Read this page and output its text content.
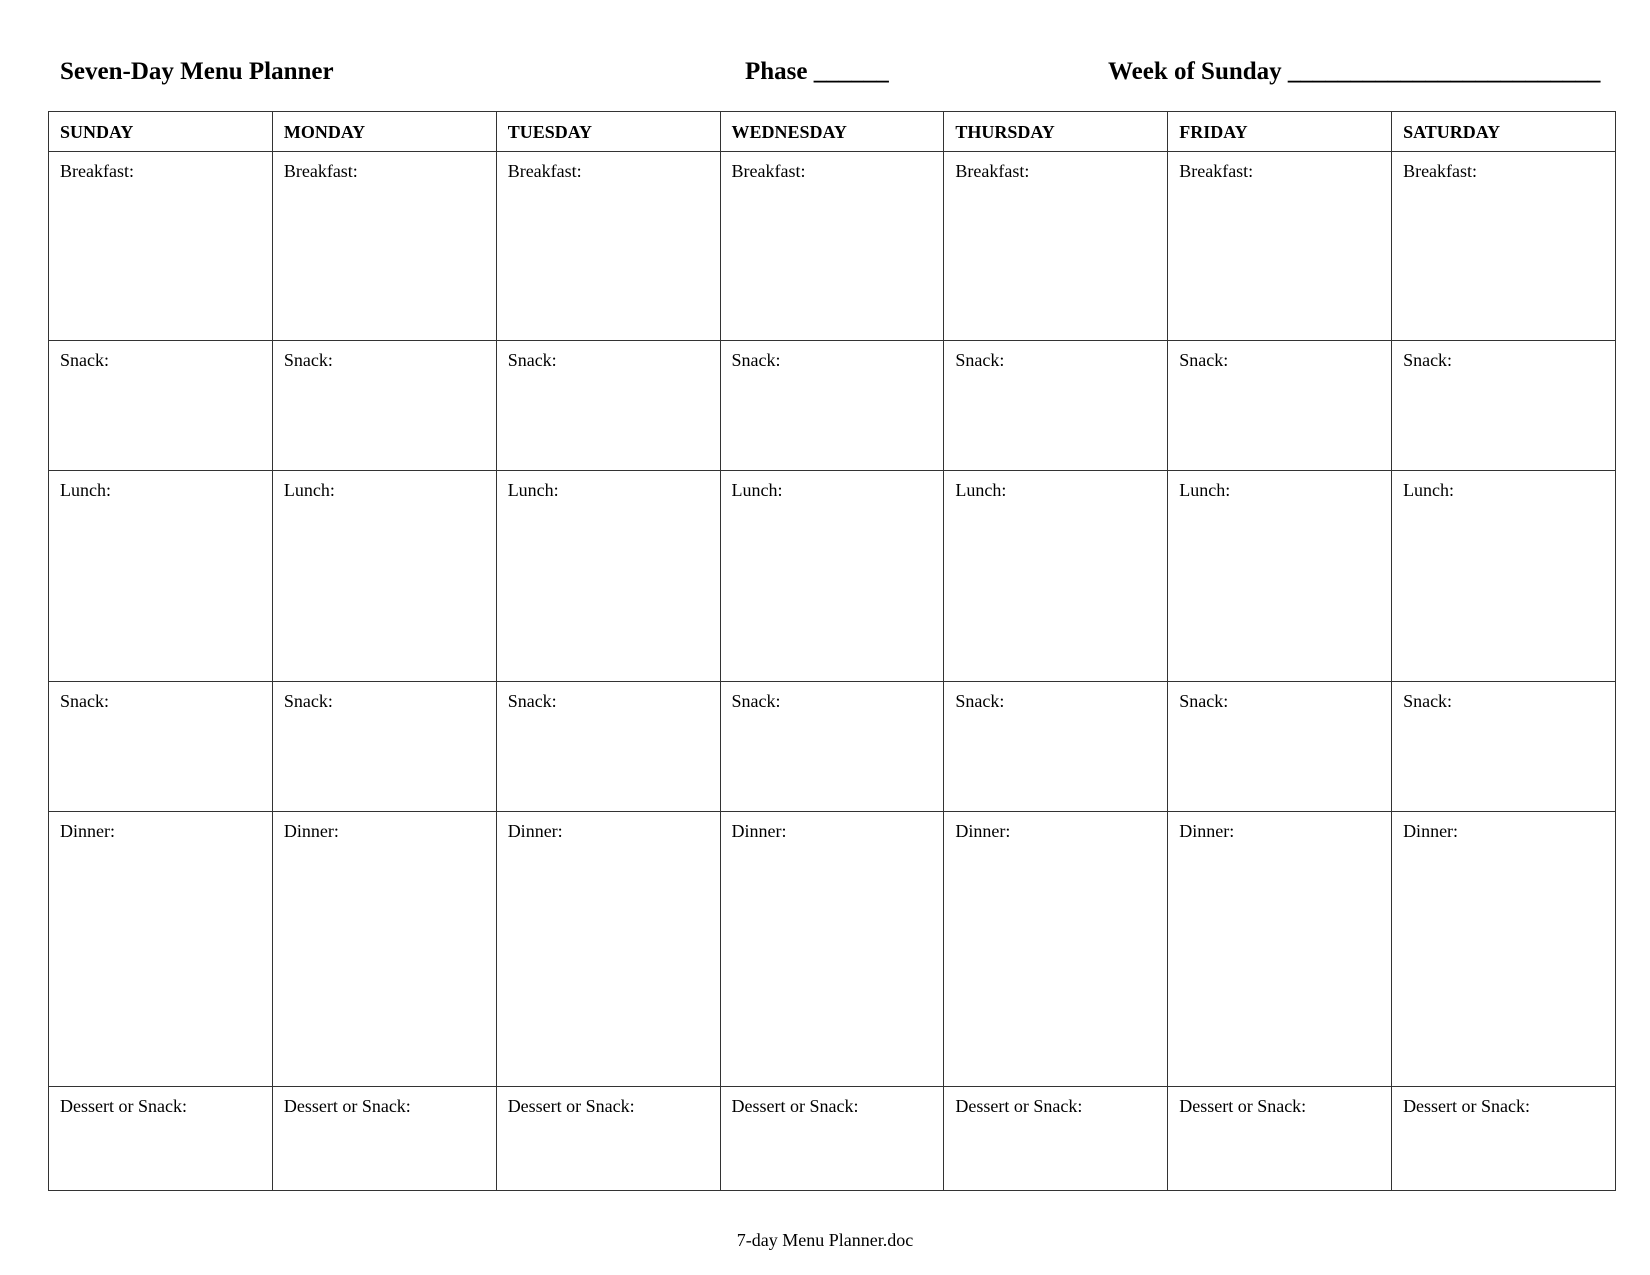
Seven-Day Menu Planner	Phase ______	Week of Sunday _________________________
SUNDAY	MONDAY	TUESDAY	WEDNESDAY	THURSDAY	FRIDAY	SATURDAY
Breakfast:	Breakfast:	Breakfast:	Breakfast:	Breakfast:	Breakfast:	Breakfast:
Snack:	Snack:	Snack:	Snack:	Snack:	Snack:	Snack:
Lunch:	Lunch:	Lunch:	Lunch:	Lunch:	Lunch:	Lunch:
Snack:	Snack:	Snack:	Snack:	Snack:	Snack:	Snack:
Dinner:	Dinner:	Dinner:	Dinner:	Dinner:	Dinner:	Dinner:
Dessert or Snack:	Dessert or Snack:	Dessert or Snack:	Dessert or Snack:	Dessert or Snack:	Dessert or Snack:	Dessert or Snack:
7-day Menu Planner.doc
